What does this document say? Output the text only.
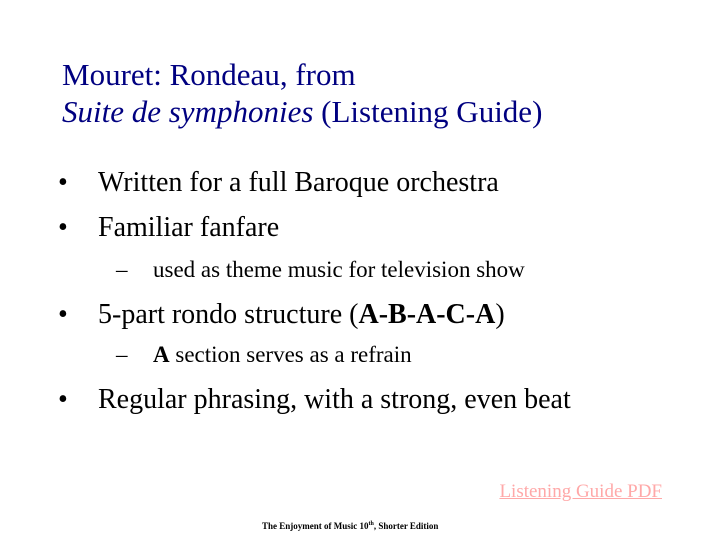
Mouret: Rondeau, from
Suite de symphonies (Listening Guide)
• Written for a full Baroque orchestra
• Familiar fanfare
– used as theme music for television show
• 5-part rondo structure (A-B-A-C-A)
– A section serves as a refrain
• Regular phrasing, with a strong, even beat
Listening Guide PDF
The Enjoyment of Music 10th, Shorter Edition
